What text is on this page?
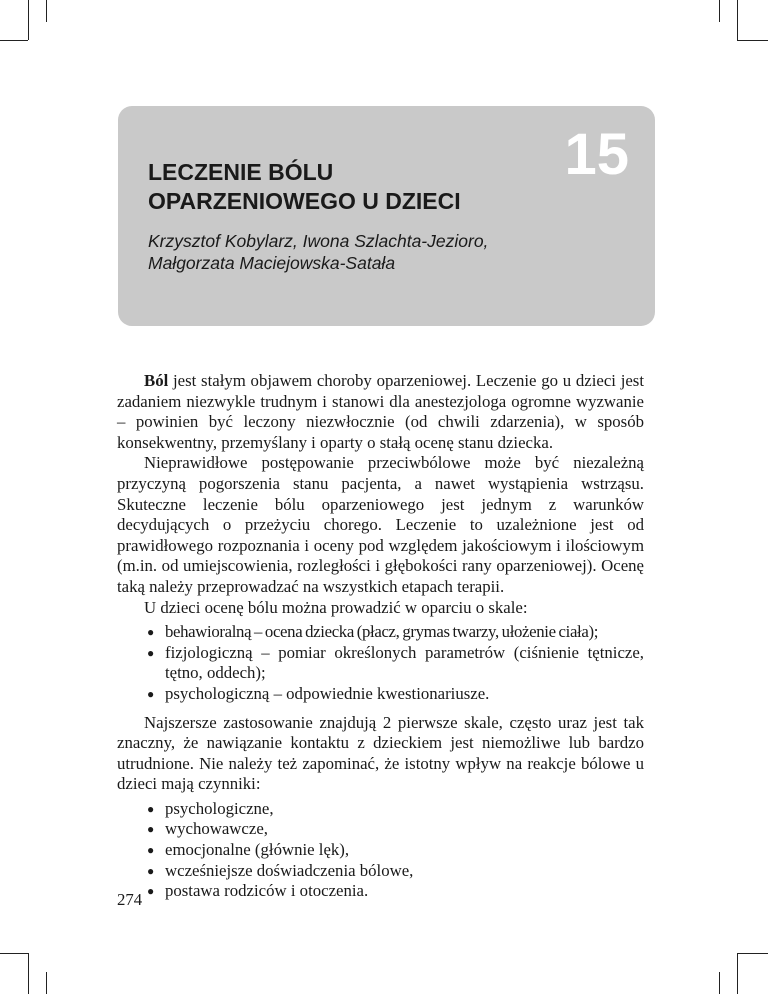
15
LECZENIE BÓLU
OPARZENIOWEGO U DZIECI

Krzysztof Kobylarz, Iwona Szlachta-Jezioro,
Małgorzata Maciejowska-Satała

Ból jest stałym objawem choroby oparzeniowej. Leczenie go u dzieci jest zadaniem niezwykle trudnym i stanowi dla anestezjologa ogromne wyzwanie – powinien być leczony niezwłocznie (od chwili zdarzenia), w sposób konsekwentny, przemyślany i oparty o stałą ocenę stanu dziecka.

Nieprawidłowe postępowanie przeciwbólowe może być niezależną przyczyną pogorszenia stanu pacjenta, a nawet wystąpienia wstrząsu. Skuteczne leczenie bólu oparzeniowego jest jednym z warunków decydujących o przeżyciu chorego. Leczenie to uzależnione jest od prawidłowego rozpoznania i oceny pod względem jakościowym i ilościowym (m.in. od umiejscowienia, rozległości i głębokości rany oparzeniowej). Ocenę taką należy przeprowadzać na wszystkich etapach terapii.

U dzieci ocenę bólu można prowadzić w oparciu o skale:

● behawioralną – ocena dziecka (płacz, grymas twarzy, ułożenie ciała);
● fizjologiczną – pomiar określonych parametrów (ciśnienie tętnicze, tętno, oddech);
● psychologiczną – odpowiednie kwestionariusze.

Najszersze zastosowanie znajdują 2 pierwsze skale, często uraz jest tak znaczny, że nawiązanie kontaktu z dzieckiem jest niemożliwe lub bardzo utrudnione. Nie należy też zapominać, że istotny wpływ na reakcje bólowe u dzieci mają czynniki:

● psychologiczne,
● wychowawcze,
● emocjonalne (głównie lęk),
● wcześniejsze doświadczenia bólowe,
● postawa rodziców i otoczenia.
274
